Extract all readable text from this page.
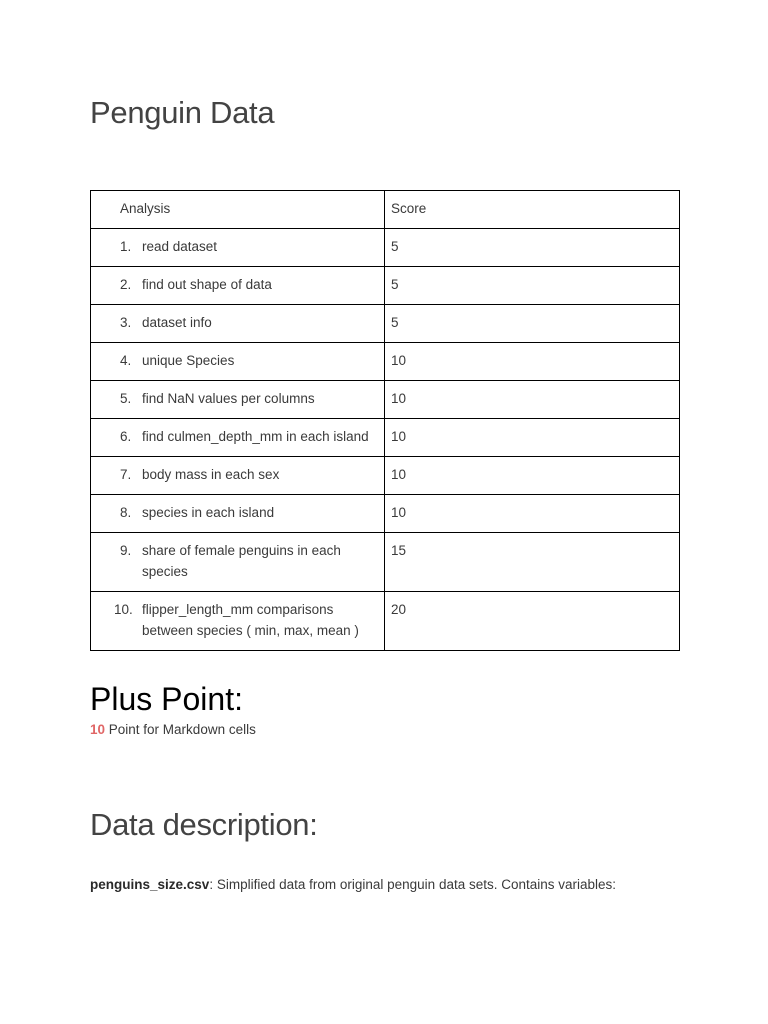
Penguin Data
Analysis	Score

1. read dataset	5

2. find out shape of data	5

3. dataset info	5

4. unique Species	10

5. find NaN values per columns	10

6. find culmen_depth_mm in each island	10

7. body mass in each sex	10

8. species in each island	10

9. share of female penguins in each species	15

10. flipper_length_mm comparisons between species ( min, max, mean )	20
Plus Point:
10 Point for Markdown cells
Data description:
penguins_size.csv: Simplified data from original penguin data sets. Contains variables:
